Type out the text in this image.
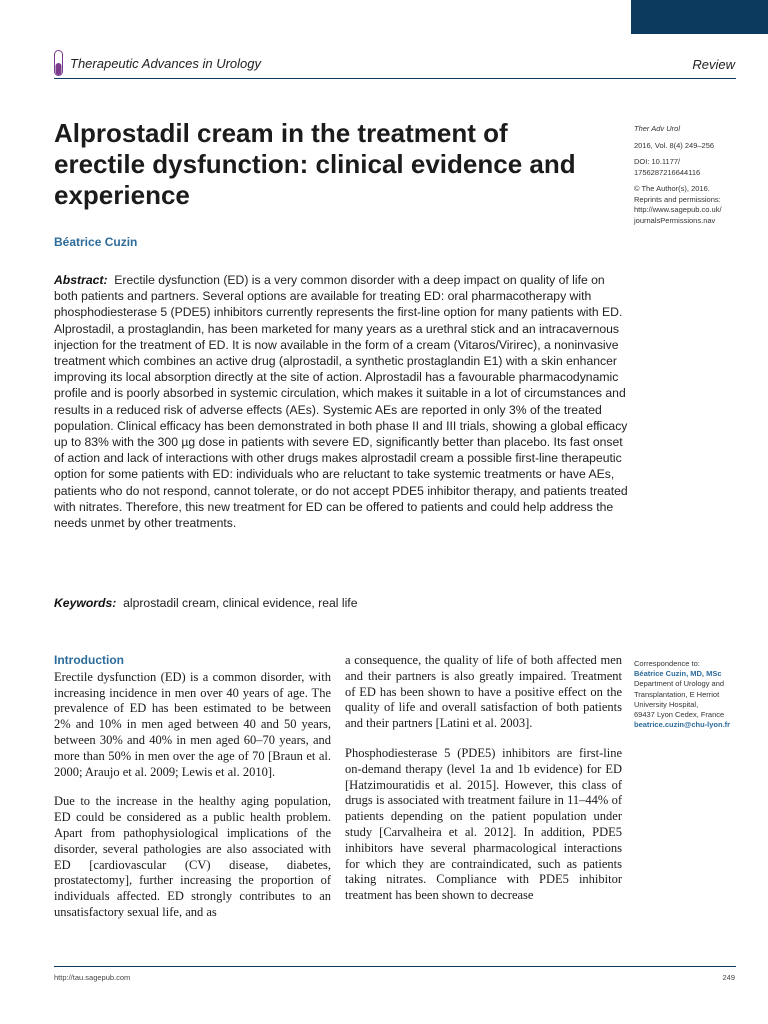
Therapeutic Advances in Urology	Review
Alprostadil cream in the treatment of erectile dysfunction: clinical evidence and experience
Béatrice Cuzin
Ther Adv Urol
2016, Vol. 8(4) 249–256
DOI: 10.1177/
1756287216644116
© The Author(s), 2016.
Reprints and permissions:
http://www.sagepub.co.uk/
journalsPermissions.nav

Abstract: Erectile dysfunction (ED) is a very common disorder with a deep impact on quality of life on both patients and partners. Several options are available for treating ED: oral pharmacotherapy with phosphodiesterase 5 (PDE5) inhibitors currently represents the first-line option for many patients with ED. Alprostadil, a prostaglandin, has been marketed for many years as a urethral stick and an intracavernous injection for the treatment of ED. It is now available in the form of a cream (Vitaros/Virirec), a noninvasive treatment which combines an active drug (alprostadil, a synthetic prostaglandin E1) with a skin enhancer improving its local absorption directly at the site of action. Alprostadil has a favourable pharmacodynamic profile and is poorly absorbed in systemic circulation, which makes it suitable in a lot of circumstances and results in a reduced risk of adverse effects (AEs). Systemic AEs are reported in only 3% of the treated population. Clinical efficacy has been demonstrated in both phase II and III trials, showing a global efficacy up to 83% with the 300 µg dose in patients with severe ED, significantly better than placebo. Its fast onset of action and lack of interactions with other drugs makes alprostadil cream a possible first-line therapeutic option for some patients with ED: individuals who are reluctant to take systemic treatments or have AEs, patients who do not respond, cannot tolerate, or do not accept PDE5 inhibitor therapy, and patients treated with nitrates. Therefore, this new treatment for ED can be offered to patients and could help address the needs unmet by other treatments.

Keywords: alprostadil cream, clinical evidence, real life
Introduction

Erectile dysfunction (ED) is a common disorder, with increasing incidence in men over 40 years of age. The prevalence of ED has been estimated to be between 2% and 10% in men aged between 40 and 50 years, between 30% and 40% in men aged 60–70 years, and more than 50% in men over the age of 70 [Braun et al. 2000; Araujo et al. 2009; Lewis et al. 2010].

Due to the increase in the healthy aging population, ED could be considered as a public health problem. Apart from pathophysiological implications of the disorder, several pathologies are also associated with ED [cardiovascular (CV) disease, diabetes, prostatectomy], further increasing the proportion of individuals affected. ED strongly contributes to an unsatisfactory sexual life, and as

a consequence, the quality of life of both affected men and their partners is also greatly impaired. Treatment of ED has been shown to have a positive effect on the quality of life and overall satisfaction of both patients and their partners [Latini et al. 2003].

Phosphodiesterase 5 (PDE5) inhibitors are first-line on-demand therapy (level 1a and 1b evidence) for ED [Hatzimouratidis et al. 2015]. However, this class of drugs is associated with treatment failure in 11–44% of patients depending on the patient population under study [Carvalheira et al. 2012]. In addition, PDE5 inhibitors have several pharmacological interactions for which they are contraindicated, such as patients taking nitrates. Compliance with PDE5 inhibitor treatment has been shown to decrease

Correspondence to:
Béatrice Cuzin, MD, MSc
Department of Urology and
Transplantation, E Herriot
University Hospital,
69437 Lyon Cedex, France
beatrice.cuzin@chu-lyon.fr
http://tau.sagepub.com	249
